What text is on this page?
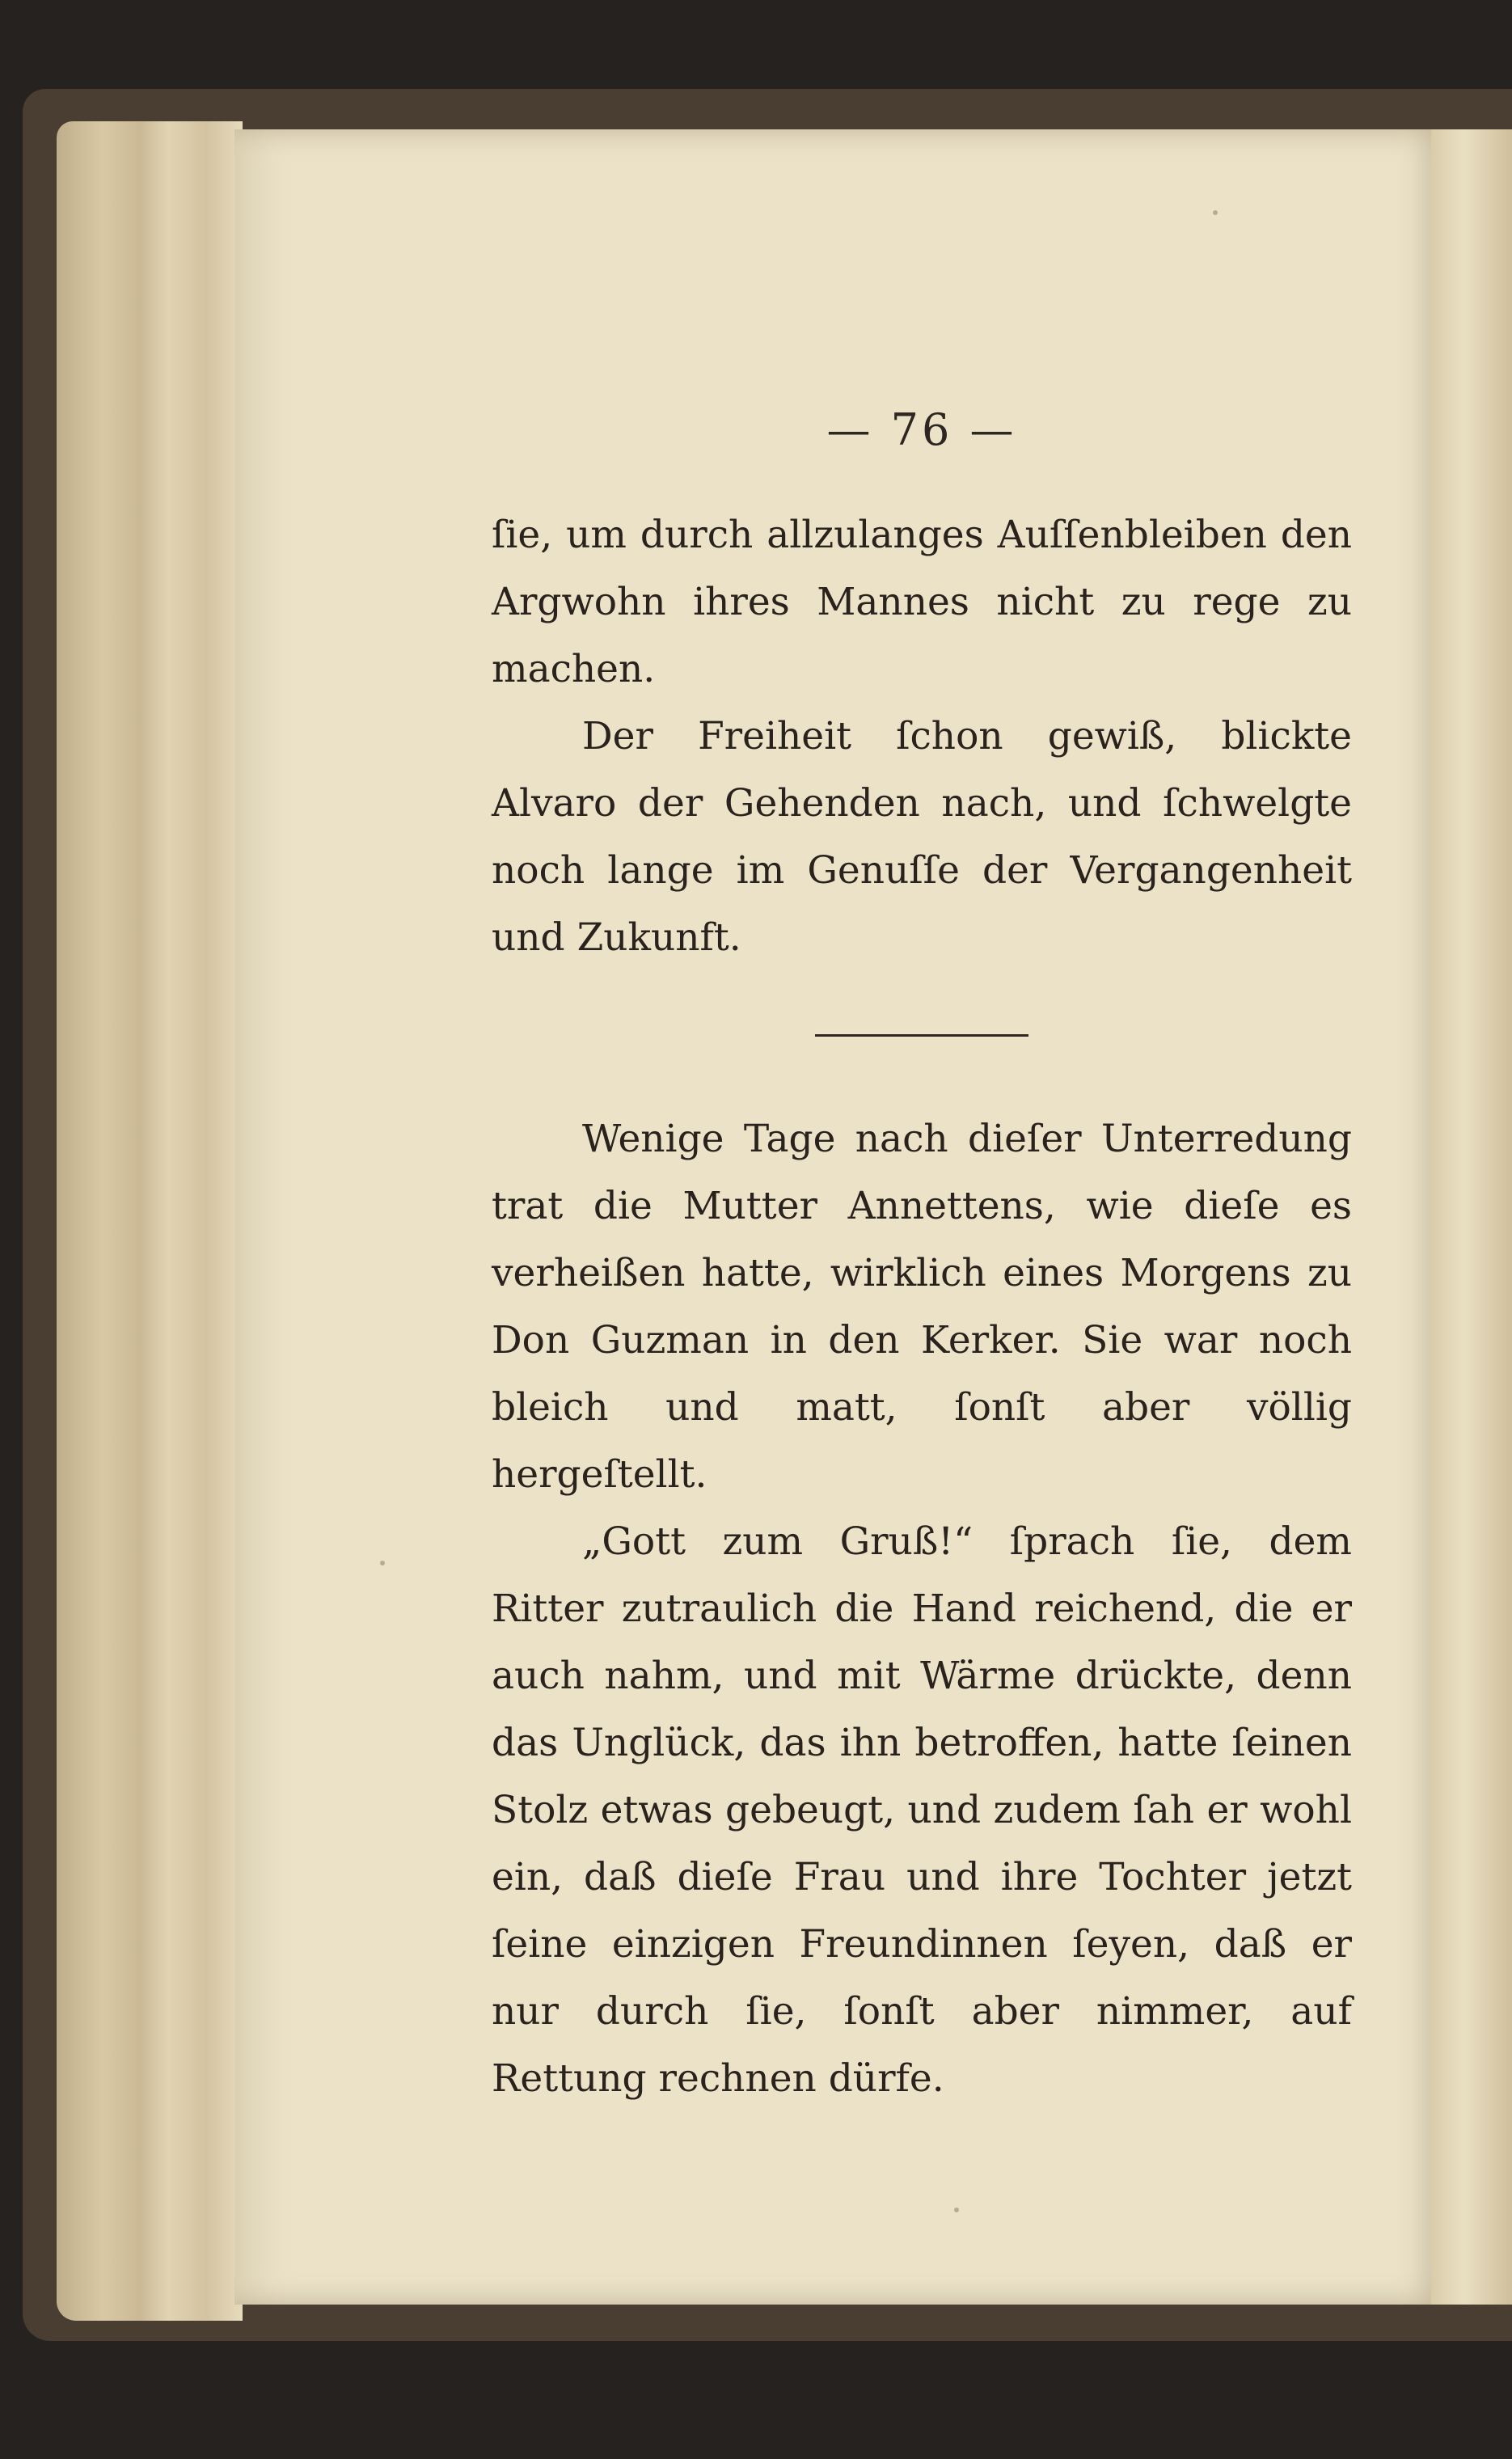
— 76 —

ſie, um durch allzulanges Auſſenbleiben den Argwohn ihres Mannes nicht zu rege zu machen.

Der Freiheit ſchon gewiß, blickte Alvaro der Gehenden nach, und ſchwelgte noch lange im Genuſſe der Vergangenheit und Zukunft.

Wenige Tage nach dieſer Unterredung trat die Mutter Annettens, wie dieſe es verheißen hatte, wirklich eines Morgens zu Don Guzman in den Kerker. Sie war noch bleich und matt, ſonſt aber völlig hergeſtellt.

„Gott zum Gruß!“ ſprach ſie, dem Ritter zutraulich die Hand reichend, die er auch nahm, und mit Wärme drückte, denn das Unglück, das ihn betroffen, hatte ſeinen Stolz etwas gebeugt, und zudem ſah er wohl ein, daß dieſe Frau und ihre Tochter jetzt ſeine einzigen Freundinnen ſeyen, daß er nur durch ſie, ſonſt aber nimmer, auf Rettung rechnen dürfe.
